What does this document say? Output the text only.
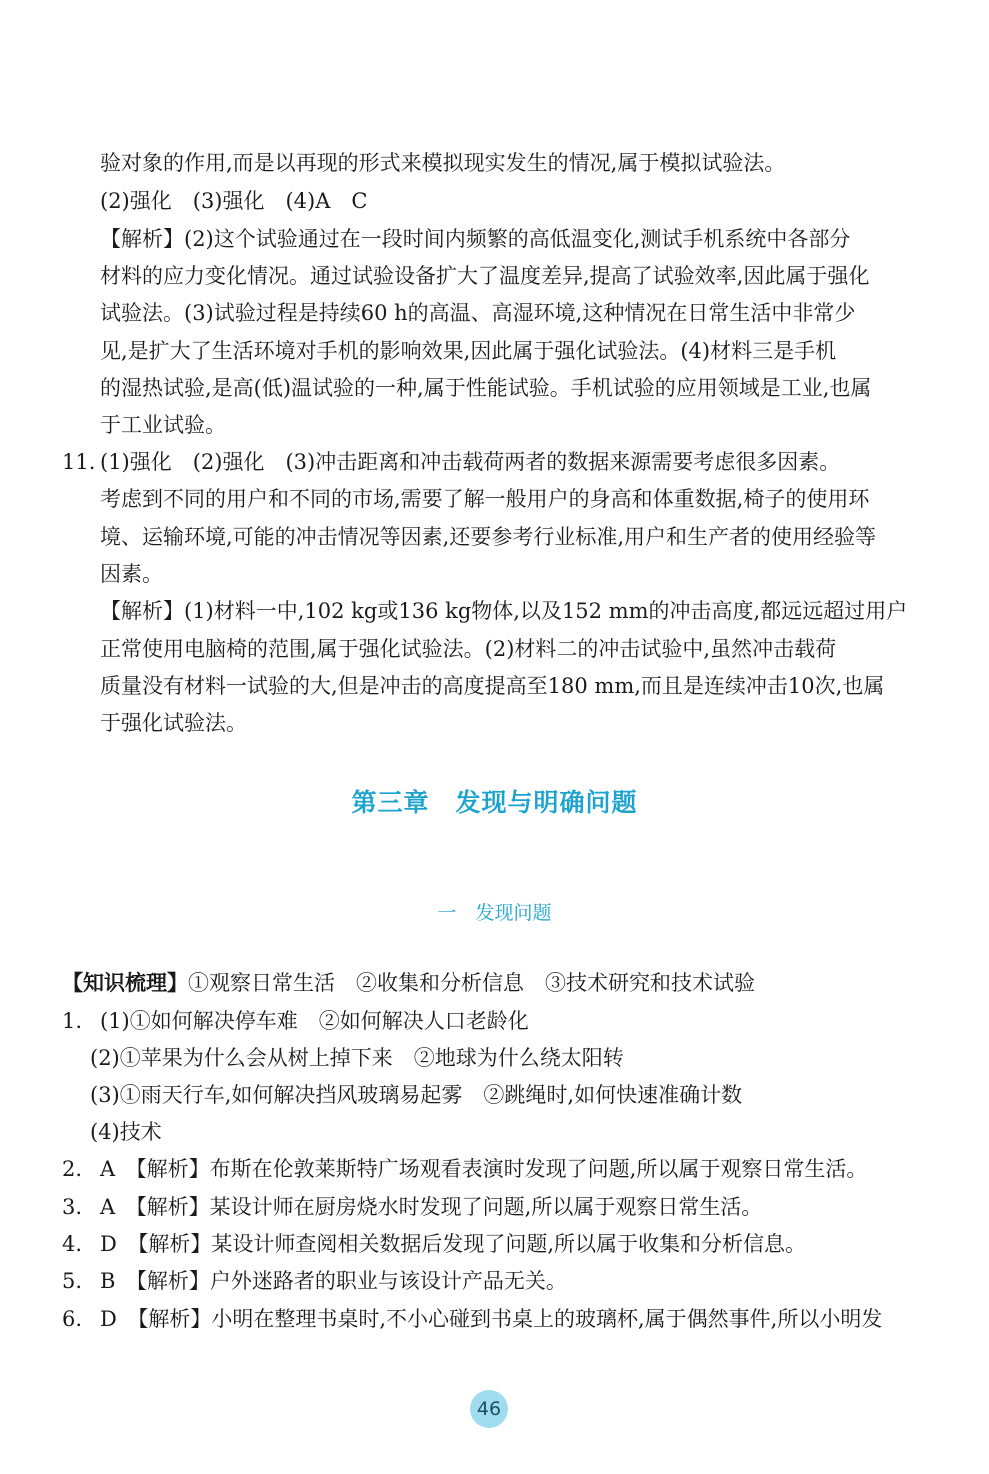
验对象的作用,而是以再现的形式来模拟现实发生的情况,属于模拟试验法。
(2)强化　(3)强化　(4)A　C
【解析】(2)这个试验通过在一段时间内频繁的高低温变化,测试手机系统中各部分
材料的应力变化情况。通过试验设备扩大了温度差异,提高了试验效率,因此属于强化
试验法。(3)试验过程是持续60 h的高温、高湿环境,这种情况在日常生活中非常少
见,是扩大了生活环境对手机的影响效果,因此属于强化试验法。(4)材料三是手机
的湿热试验,是高(低)温试验的一种,属于性能试验。手机试验的应用领域是工业,也属
于工业试验。
11. (1)强化　(2)强化　(3)冲击距离和冲击载荷两者的数据来源需要考虑很多因素。
考虑到不同的用户和不同的市场,需要了解一般用户的身高和体重数据,椅子的使用环
境、运输环境,可能的冲击情况等因素,还要参考行业标准,用户和生产者的使用经验等
因素。
【解析】(1)材料一中,102 kg或136 kg物体,以及152 mm的冲击高度,都远远超过用户
正常使用电脑椅的范围,属于强化试验法。(2)材料二的冲击试验中,虽然冲击载荷
质量没有材料一试验的大,但是冲击的高度提高至180 mm,而且是连续冲击10次,也属
于强化试验法。
第三章　发现与明确问题
一　发现问题
【知识梳理】①观察日常生活　②收集和分析信息　③技术研究和技术试验
1. (1)①如何解决停车难　②如何解决人口老龄化
(2)①苹果为什么会从树上掉下来　②地球为什么绕太阳转
(3)①雨天行车,如何解决挡风玻璃易起雾　②跳绳时,如何快速准确计数
(4)技术
2. A　【解析】布斯在伦敦莱斯特广场观看表演时发现了问题,所以属于观察日常生活。
3. A　【解析】某设计师在厨房烧水时发现了问题,所以属于观察日常生活。
4. D　【解析】某设计师查阅相关数据后发现了问题,所以属于收集和分析信息。
5. B　【解析】户外迷路者的职业与该设计产品无关。
6. D　【解析】小明在整理书桌时,不小心碰到书桌上的玻璃杯,属于偶然事件,所以小明发
46
